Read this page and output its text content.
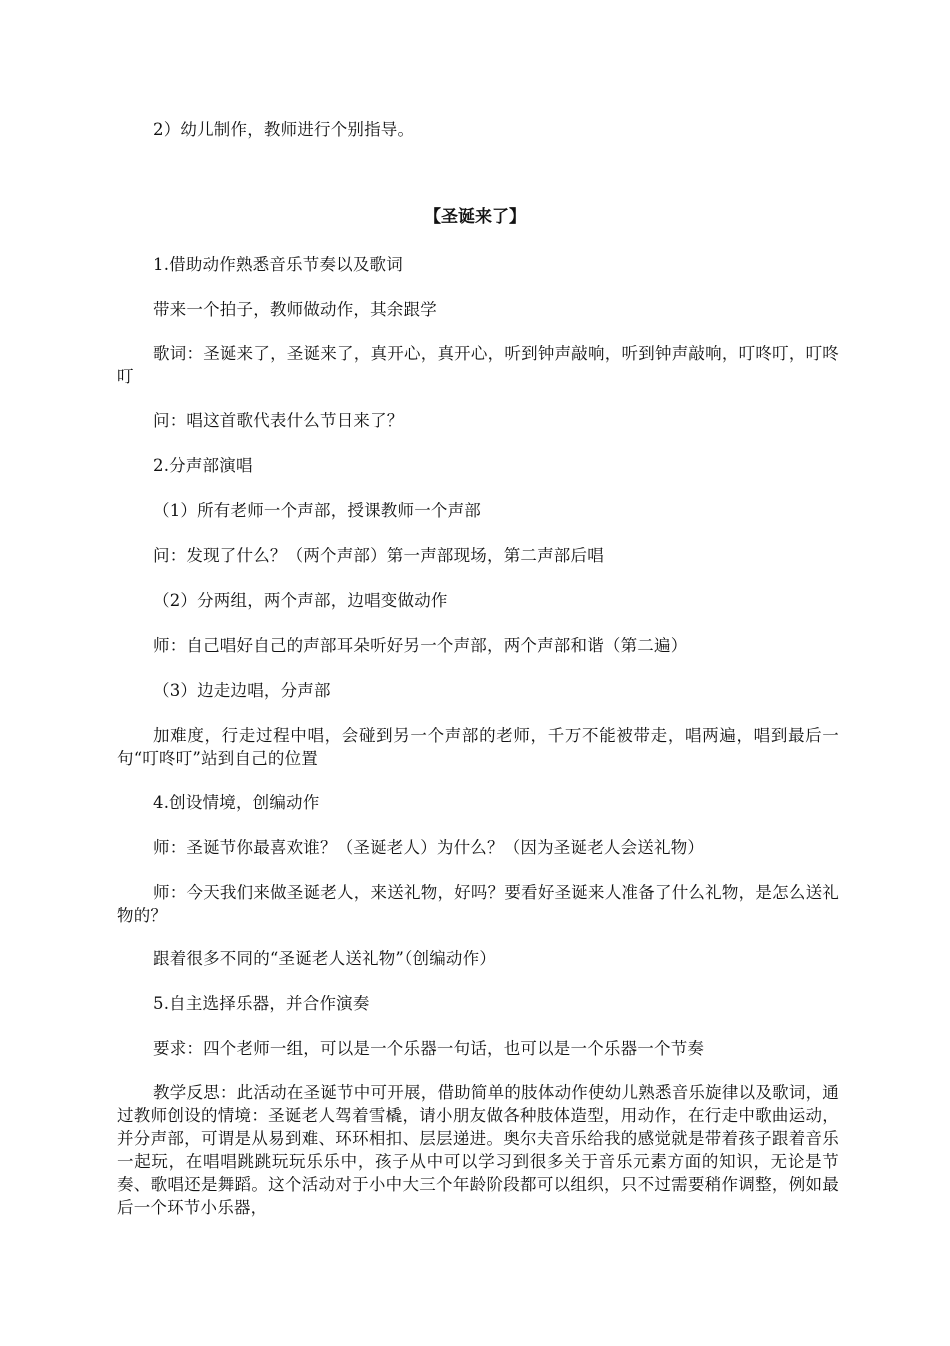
2）幼儿制作，教师进行个别指导。

【圣诞来了】

1.借助动作熟悉音乐节奏以及歌词

带来一个拍子，教师做动作，其余跟学

歌词：圣诞来了，圣诞来了，真开心，真开心，听到钟声敲响，听到钟声敲响，叮咚叮，叮咚叮

问：唱这首歌代表什么节日来了？

2.分声部演唱

（1）所有老师一个声部，授课教师一个声部

问：发现了什么？（两个声部）第一声部现场，第二声部后唱

（2）分两组，两个声部，边唱变做动作

师：自己唱好自己的声部耳朵听好另一个声部，两个声部和谐（第二遍）

（3）边走边唱，分声部

加难度，行走过程中唱，会碰到另一个声部的老师，千万不能被带走，唱两遍，唱到最后一句“叮咚叮”站到自己的位置

4.创设情境，创编动作

师：圣诞节你最喜欢谁？（圣诞老人）为什么？（因为圣诞老人会送礼物）

师：今天我们来做圣诞老人，来送礼物，好吗？要看好圣诞来人准备了什么礼物，是怎么送礼物的？

跟着很多不同的“圣诞老人送礼物”（创编动作）

5.自主选择乐器，并合作演奏

要求：四个老师一组，可以是一个乐器一句话，也可以是一个乐器一个节奏

教学反思：此活动在圣诞节中可开展，借助简单的肢体动作使幼儿熟悉音乐旋律以及歌词，通过教师创设的情境：圣诞老人驾着雪橇，请小朋友做各种肢体造型，用动作，在行走中歌曲运动，并分声部，可谓是从易到难、环环相扣、层层递进。奥尔夫音乐给我的感觉就是带着孩子跟着音乐一起玩，在唱唱跳跳玩玩乐乐中，孩子从中可以学习到很多关于音乐元素方面的知识，无论是节奏、歌唱还是舞蹈。这个活动对于小中大三个年龄阶段都可以组织，只不过需要稍作调整，例如最后一个环节小乐器，
